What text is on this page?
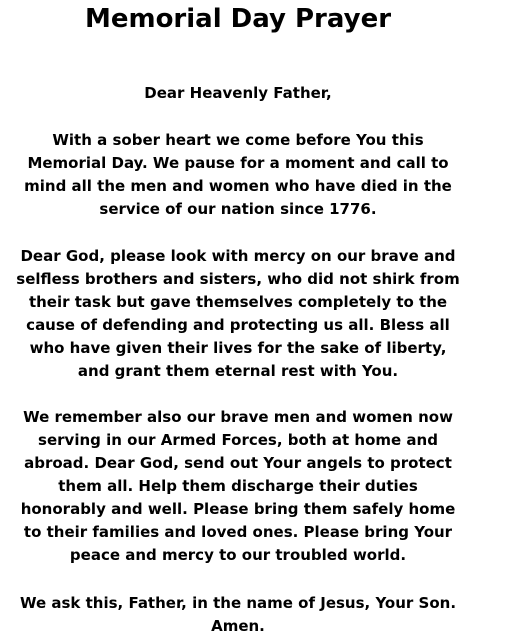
Memorial Day Prayer

Dear Heavenly Father,

With a sober heart we come before You this
Memorial Day. We pause for a moment and call to
mind all the men and women who have died in the
service of our nation since 1776.

Dear God, please look with mercy on our brave and
selfless brothers and sisters, who did not shirk from
their task but gave themselves completely to the
cause of defending and protecting us all. Bless all
who have given their lives for the sake of liberty,
and grant them eternal rest with You.

We remember also our brave men and women now
serving in our Armed Forces, both at home and
abroad. Dear God, send out Your angels to protect
them all. Help them discharge their duties
honorably and well. Please bring them safely home
to their families and loved ones. Please bring Your
peace and mercy to our troubled world.

We ask this, Father, in the name of Jesus, Your Son.
Amen.
